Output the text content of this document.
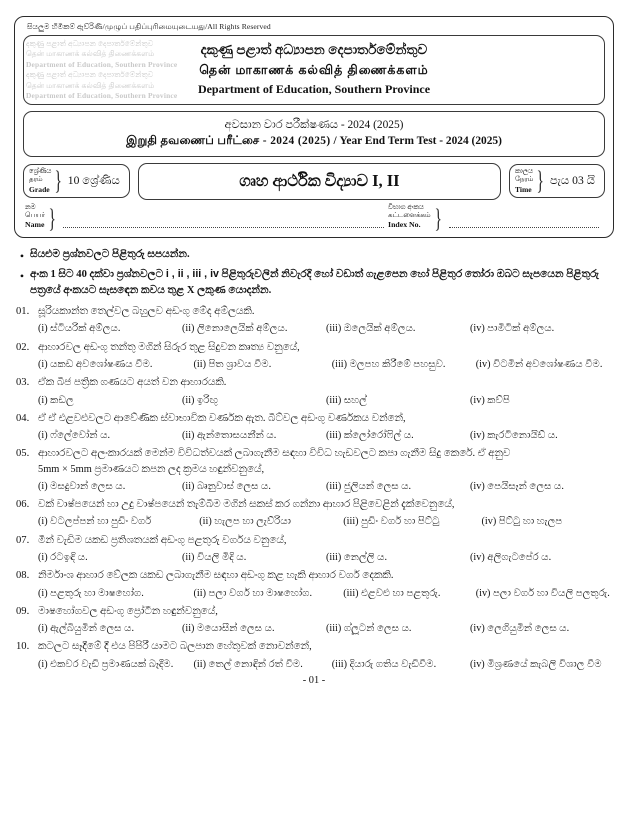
සියලුම හිමිකම් ඇව්රිණි/முழுப் பதிப்புரிமையுடையது/All Rights Reserved
දකුණු පළාත් අධ්‍යාපන දෙපාර්තමේන්තුව
தென் மாகாணக் கல்வித் திணைக்களம்
Department of Education, Southern Province
දකුණු පළාත් අධ්‍යාපන දෙපාර්තමේන්තුව
தென் மாகாணக் கல்வித் திணைக்களம்
Department of Education, Southern Province
දකුණු පළාත් අධ්‍යාපන දෙපාර්තමේන්තුව
தென் மாகாணக் கல்வித் திணைக்களம்
Department of Education, Southern Province
අවසාන වාර පරීක්ෂණය - 2024 (2025)
இறுதி தவணைப் பரீட்சை - 2024 (2025) / Year End Term Test - 2024 (2025)
ශ්‍රේණිය
தரம்
Grade } 10 ශ්‍රේණිය	ගෘහ ආර්ථික විද්‍යාව I, II	කාලය
நேரம்
Time } පැය 03 යි
නම
பெயர்
Name }	විභාග අංකය
கட்டளைக்கம்
Index No. }
• සියළුම ප්‍රශ්නවලට පිළිතුරු සපයන්න.
• අංක 1 සිට 40 දක්වා ප්‍රශ්නවලට i , ii , iii , iv පිළිතුරුවලින් නිවැරදි හෝ වඩාත් ගැළපෙන හෝ පිළිතුර තෝරා ඔබට සැපයෙන පිළිතුරු පත්‍රයේ අංකයට සැසඳෙන කවය තුළ X ලකුණ යොදන්න.
01. සූරියකාන්ත තෙල්වල බහුලව අඩංගු මේද අම්ලයකි.
(i) ස්ටියරික් අම්ලය.	(ii) ලිනොලෙයික් අම්ලය.	(iii) ඔලෙයික් අම්ලය.	(iv) පාමිටික් අම්ලය.
02. ආහාරවල අඩංගු තන්තු මගින් සිරුර තුළ සිදුවන කෘත්‍ය වනුයේ,
(i) යකඩ අවශෝෂණය වීම.	(ii) පිත ශ්‍රාවය වීම.	(iii) මලපහ කිරීමේ පහසුව.	(iv) විටමින් අවශෝෂණය වීම.
03. ඒක බීජ පත්‍රික ගණයට අයත් වන ආහාරයකි.
(i) කඩල	(ii) ඉරිඟු	(iii) සහල්	(iv) කව්පි
04. ඒ ඒ එළවළුවලට ආවේණික ස්වාභාවික වර්ණක ඇත. බීට්වල අඩංගු වර්ණකය වන්නේ,
(i) ෆ්ලේවෝන් ය.	(ii) ඇන්තොසයනීන් ය.	(iii) ක්ලෝරෝෆිල් ය.	(iv) කැරටිනොයිඩ් ය.
05. ආහාරවලට අලංකාරයක් මෙන්ම විවිධත්වයක් ලබාගැනීම සඳහා විවිධ හැඩවලට කපා ගැනීම සිදු කෙරේ. ඒ අනුව
5mm × 5mm ප්‍රමාණයට කපන ලද ක්‍රමය හඳුන්වනුයේ,
(i) මසදුවාන් ලෙස ය.	(ii) බෘනුවාස් ලෙස ය.	(iii) ජුලියන් ලෙස ය.	(iv) පෙයිසෑන් ලෙස ය.
06. වක් වාෂ්පයෙන් හා උදු වාෂ්පයෙන් තැම්බීම මගින් සකස් කර ගන්නා ආහාර පිළිවෙළින් දැක්වෙනුයේ,
(i) වටලප්පන් හා පුඩිං වර්ග	(ii) හැලප හා ලැව්රියා	(iii) පුඩිං වර්ග හා පිට්ටු	(iv) පිට්ටු හා හැලප
07. මීන් වැඩිම යකඩ ප්‍රතිශතයක් අඩංගු පළතුරු වර්ගය වනුයේ,
(i) රටඉඳි ය.	(ii) වියලි මිදි ය.	(iii) නෙල්ලි ය.	(iv) අලිගැටපේර ය.
08. නිර්මාංශ ආහාර වේලක යකඩ ලබාගැනීම සඳහා අඩංගු කළ හැකි ආහාර වර්ග දෙකකි.
(i) පළතුරු හා මාෂහෝග.	(ii) පලා වර්ග හා මාෂහෝග.	(iii) එළවළු හා පළතුරු.	(iv) පලා වර්ග හා වියලි පලතුරු.
09. මාෂහෝගවල අඩංගු ප්‍රෝටීන හඳුන්වනුයේ,
(i) ඇල්බියුමින් ලෙස ය.	(ii) මයොසීන් ලෙස ය.	(iii) ග්ලූටන් ලෙස ය.	(iv) ලෙගියුමින් ලෙස ය.
10. කටලට සෑදීමේ දී එය පිපිරී යාමට බලපාන හේතුවක් නොවන්නේ,
(i) එකවර වැඩි ප්‍රමාණයක් බෑදීම.	(ii) තෙල් නොඳින් රත් වීම.	(iii) දියාරු ගතිය වැඩිවීම.	(iv) මිශ්‍රණයේ කැබලි විශාල වීම
- 01 -
